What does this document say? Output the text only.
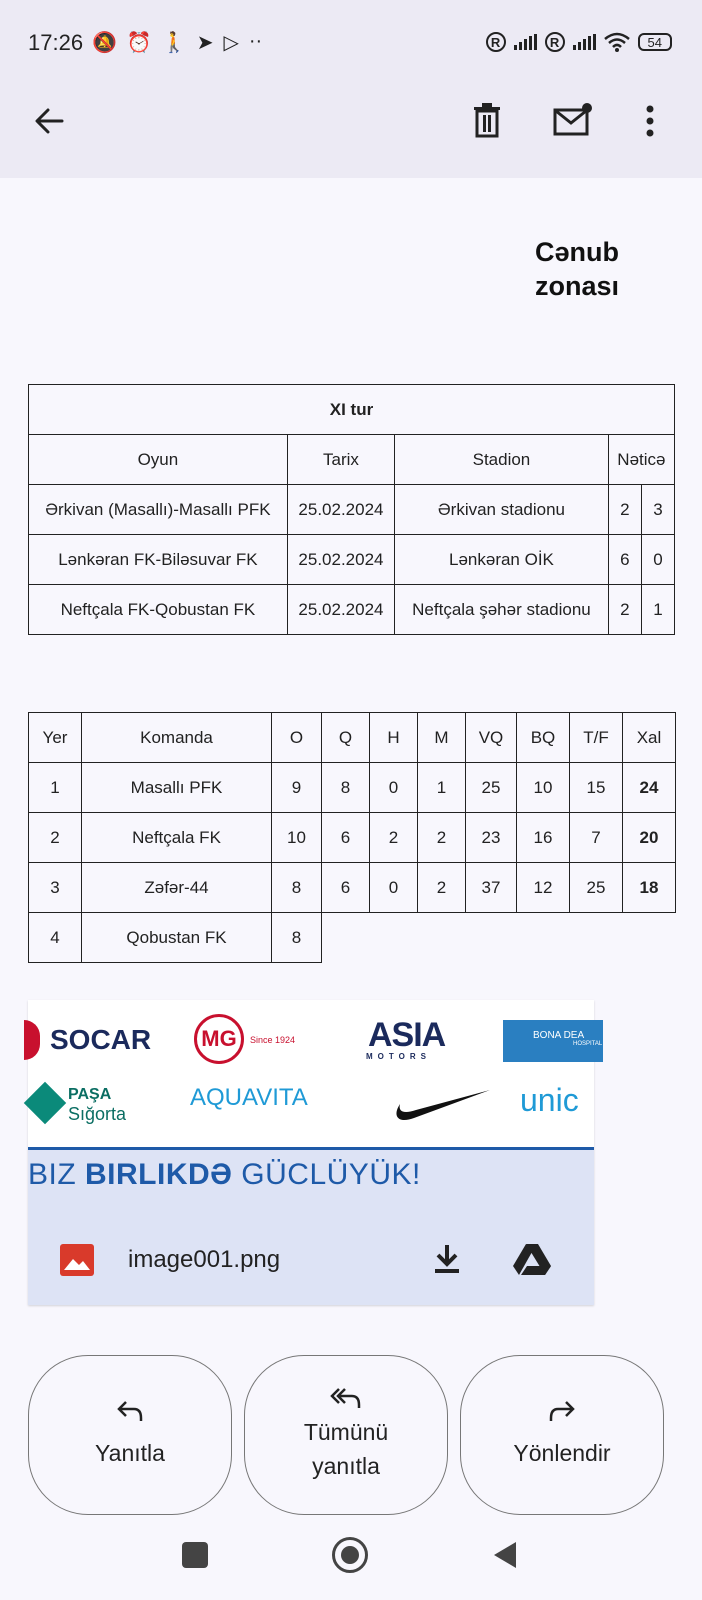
17:26 🔕 ⏰ 🚶 ➤ ▷ ··	R	R	54
Cənub
zonası
XI tur				
Oyun	Tarix	Stadion	Nəticə	
Ərkivan (Masallı)-Masallı PFK	25.02.2024	Ərkivan stadionu	2	3
Lənkəran FK-Biləsuvar FK	25.02.2024	Lənkəran OİK	6	0
Neftçala FK-Qobustan FK	25.02.2024	Neftçala şəhər stadionu	2	1
Yer	Komanda	O	Q	H	M	VQ	BQ	T/F	Xal
1	Masallı PFK	9	8	0	1	25	10	15	24
2	Neftçala FK	10	6	2	2	23	16	7	20
3	Zəfər-44	8	6	0	2	37	12	25	18
4	Qobustan FK	8							
SOCAR	MG	Since 1924 ASIA
MOTORS
BONA DEA
HOSPITAL
PAŞA
Sığorta
AQUAVITA	unic
BIZ BIRLIKDƏ GÜCLÜYÜK!
image001.png
Yanıtla
Tümünü
yanıtla	Yönlendir
